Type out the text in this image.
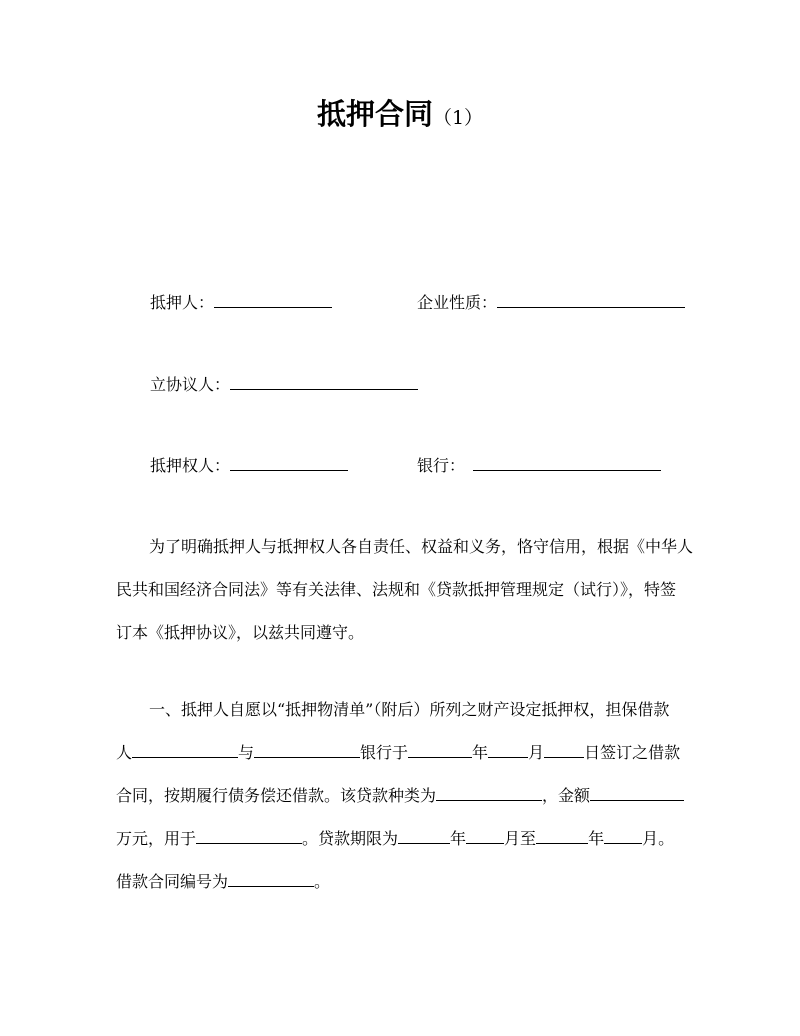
抵押合同（1）
抵押人：	企业性质：
立协议人：
抵押权人：	银行：
为了明确抵押人与抵押权人各自责任、权益和义务，恪守信用，根据《中华人
民共和国经济合同法》等有关法律、法规和《贷款抵押管理规定（试行）》，特签
订本《抵押协议》，以兹共同遵守。
一、抵押人自愿以“抵押物清单”（附后）所列之财产设定抵押权，担保借款
人	与	银行于	年	月	日签订之借款
合同，按期履行债务偿还借款。该贷款种类为	，金额
万元，用于	。贷款期限为	年 月至	年 月。
借款合同编号为	。
